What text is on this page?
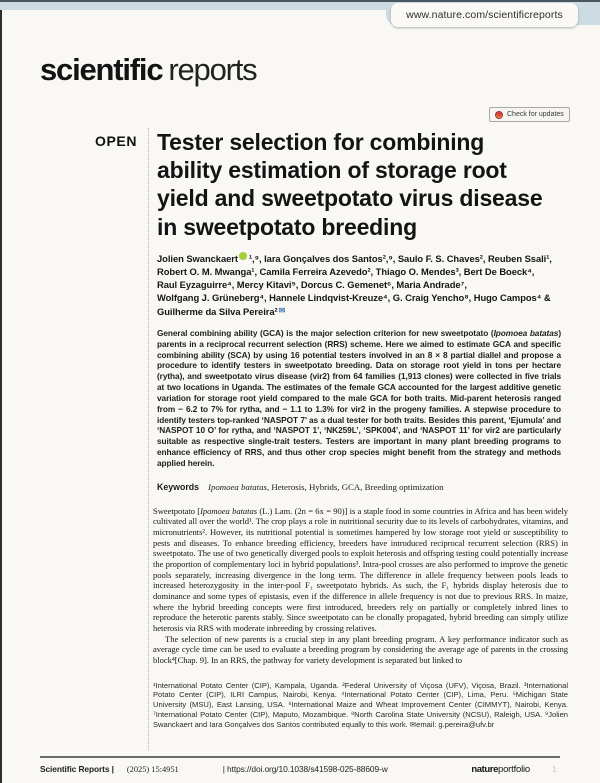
www.nature.com/scientificreports
scientific reports
Check for updates
OPEN Tester selection for combining
ability estimation of storage root
yield and sweetpotato virus disease
in sweetpotato breeding
Jolien Swanckaert ¹,⁹, Iara Gonçalves dos Santos²,⁹, Saulo F. S. Chaves², Reuben Ssali¹,
Robert O. M. Mwanga¹, Camila Ferreira Azevedo², Thiago O. Mendes³, Bert De Boeck⁴,
Raul Eyzaguirre⁴, Mercy Kitavi⁵, Dorcus C. Gemenet⁶, Maria Andrade⁷,
Wolfgang J. Grüneberg⁴, Hannele Lindqvist-Kreuze⁴, G. Craig Yencho⁸, Hugo Campos⁴ &
Guilherme da Silva Pereira²✉
General combining ability (GCA) is the major selection criterion for new sweetpotato (Ipomoea batatas) parents in a reciprocal recurrent selection (RRS) scheme. Here we aimed to estimate GCA and specific combining ability (SCA) by using 16 potential testers involved in an 8 × 8 partial diallel and propose a procedure to identify testers in sweetpotato breeding. Data on storage root yield in tons per hectare (rytha), and sweetpotato virus disease (vir2) from 64 families (1,913 clones) were collected in five trials at two locations in Uganda. The estimates of the female GCA accounted for the largest additive genetic variation for storage root yield compared to the male GCA for both traits. Mid-parent heterosis ranged from − 6.2 to 7% for rytha, and − 1.1 to 1.3% for vir2 in the progeny families. A stepwise procedure to identify testers top-ranked ‘NASPOT 7’ as a dual tester for both traits. Besides this parent, ‘Ejumula’ and ‘NASPOT 10 O’ for rytha, and ‘NASPOT 1’, ‘NK259L’, ‘SPK004’, and ‘NASPOT 11’ for vir2 are particularly suitable as respective single-trait testers. Testers are important in many plant breeding programs to enhance efficiency of RRS, and thus other crop species might benefit from the strategy and methods applied herein.
Keywords Ipomoea batatas, Heterosis, Hybrids, GCA, Breeding optimization

Sweetpotato [Ipomoea batatas (L.) Lam. (2n = 6x = 90)] is a staple food in some countries in Africa and has been widely cultivated all over the world¹. The crop plays a role in nutritional security due to its levels of carbohydrates, vitamins, and micronutrients². However, its nutritional potential is sometimes hampered by low storage root yield or susceptibility to pests and diseases. To enhance breeding efficiency, breeders have introduced reciprocal recurrent selection (RRS) in sweetpotato. The use of two genetically diverged pools to exploit heterosis and offspring testing could potentially increase the proportion of complementary loci in hybrid populations³. Intra-pool crosses are also performed to improve the genetic pools separately, increasing divergence in the long term. The difference in allele frequency between pools leads to increased heterozygosity in the inter-pool F₁ sweetpotato hybrids. As such, the F₁ hybrids display heterosis due to dominance and some types of epistasis, even if the difference in allele frequency is not due to previous RRS. In maize, where the hybrid breeding concepts were first introduced, breeders rely on partially or completely inbred lines to reproduce the heterotic parents stably. Since sweetpotato can be clonally propagated, hybrid breeding can simply utilize heterosis via RRS with moderate inbreeding by crossing relatives.

The selection of new parents is a crucial step in any plant breeding program. A key performance indicator such as average cycle time can be used to evaluate a breeding program by considering the average age of parents in the crossing block⁴[Chap. 9]. In an RRS, the pathway for variety development is separated but linked to

¹International Potato Center (CIP), Kampala, Uganda. ²Federal University of Viçosa (UFV), Viçosa, Brazil. ³International Potato Center (CIP), ILRI Campus, Nairobi, Kenya. ⁴International Potato Center (CIP), Lima, Peru. ⁵Michigan State University (MSU), East Lansing, USA. ⁶International Maize and Wheat Improvement Center (CIMMYT), Nairobi, Kenya. ⁷International Potato Center (CIP), Maputo, Mozambique. ⁸North Carolina State University (NCSU), Raleigh, USA. ⁹Jolien Swanckaert and Iara Gonçalves dos Santos contributed equally to this work. ✉email: g.pereira@ufv.br
Scientific Reports | (2025) 15:4951	| https://doi.org/10.1038/s41598-025-88609-w	natureportfolio	1
